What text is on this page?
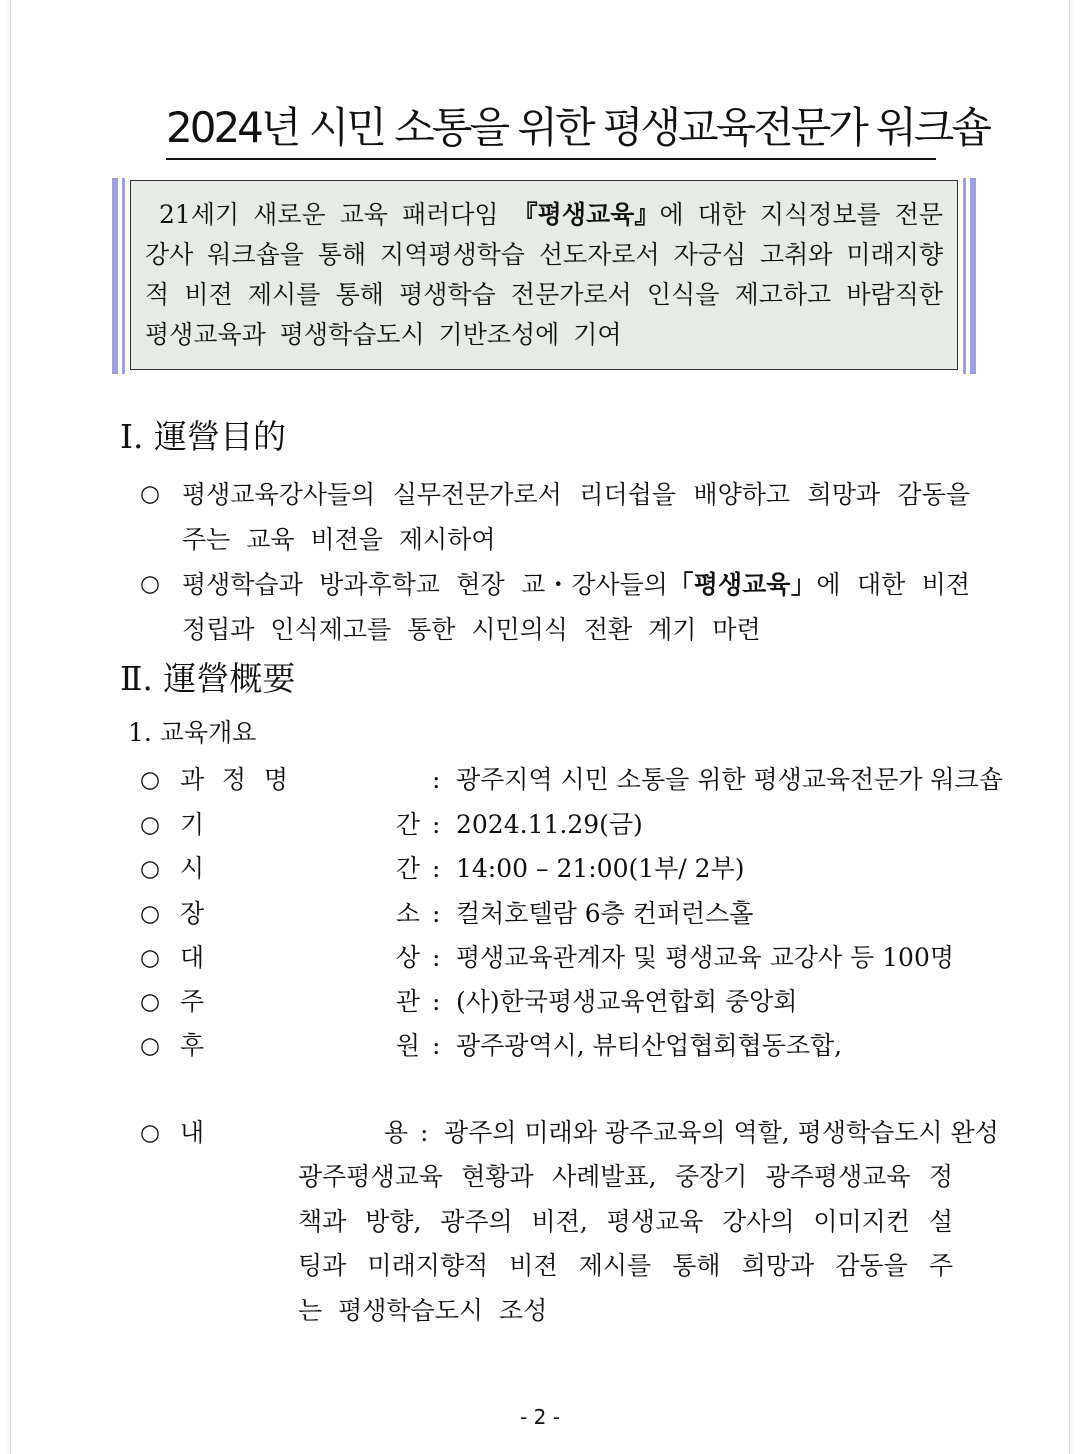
2024년 시민 소통을 위한 평생교육전문가 워크숍
21세기 새로운 교육 패러다임 『평생교육』에 대한 지식정보를 전문강사 워크숍을 통해 지역평생학습 선도자로서 자긍심 고취와 미래지향적 비젼 제시를 통해 평생학습 전문가로서 인식을 제고하고 바람직한 평생교육과 평생학습도시 기반조성에 기여
Ⅰ. 運營目的
○ 평생교육강사들의 실무전문가로서 리더쉽을 배양하고 희망과 감동을 주는 교육 비젼을 제시하여
○ 평생학습과 방과후학교 현장 교・강사들의「평생교육」에 대한 비젼 정립과 인식제고를 통한 시민의식 전환 계기 마련
Ⅱ. 運營概要
1. 교육개요
○ 과 정 명	: 광주지역 시민 소통을 위한 평생교육전문가 워크숍
○ 기	간 : 2024.11.29(금)
○ 시	간 : 14:00 – 21:00(1부/ 2부)
○ 장	소 : 컬처호텔람 6층 컨퍼런스홀
○ 대	상 : 평생교육관계자 및 평생교육 교강사 등 100명
○ 주	관 : (사)한국평생교육연합회 중앙회
○ 후	원 : 광주광역시, 뷰티산업협회협동조합,
○ 내	용 : 광주의 미래와 광주교육의 역할, 평생학습도시 완성
광주평생교육 현황과 사례발표, 중장기 광주평생교육 정책과 방향, 광주의 비젼, 평생교육 강사의 이미지컨 설팅과 미래지향적 비젼 제시를 통해 희망과 감동을 주 는 평생학습도시 조성
- 2 -
